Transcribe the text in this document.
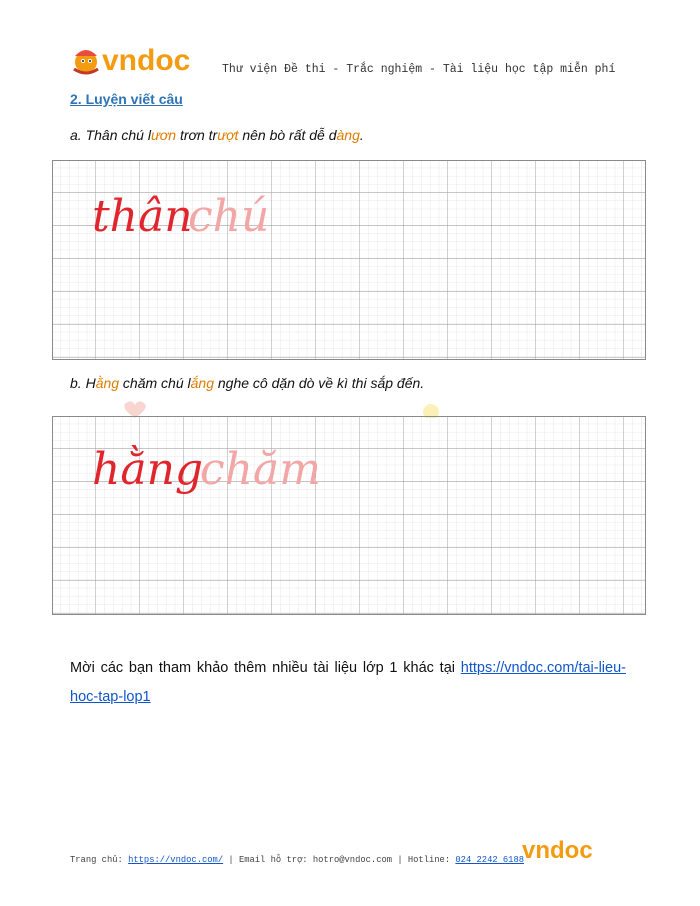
vndoc	Thư viện Đề thi - Trắc nghiệm - Tài liệu học tập miễn phí
2. Luyện viết câu
a. Thân chú lươn trơn trượt nên bò rất dễ dàng.
thân
chú
b. Hằng chăm chú lắng nghe cô dặn dò về kì thi sắp đến.
hằng
chăm
Mời các bạn tham khảo thêm nhiều tài liệu lớp 1 khác tại https://vndoc.com/tai-lieu-hoc-tap-lop1
Trang chủ: https://vndoc.com/ | Email hỗ trợ: hotro@vndoc.com | Hotline: 024 2242 6188
vndoc
